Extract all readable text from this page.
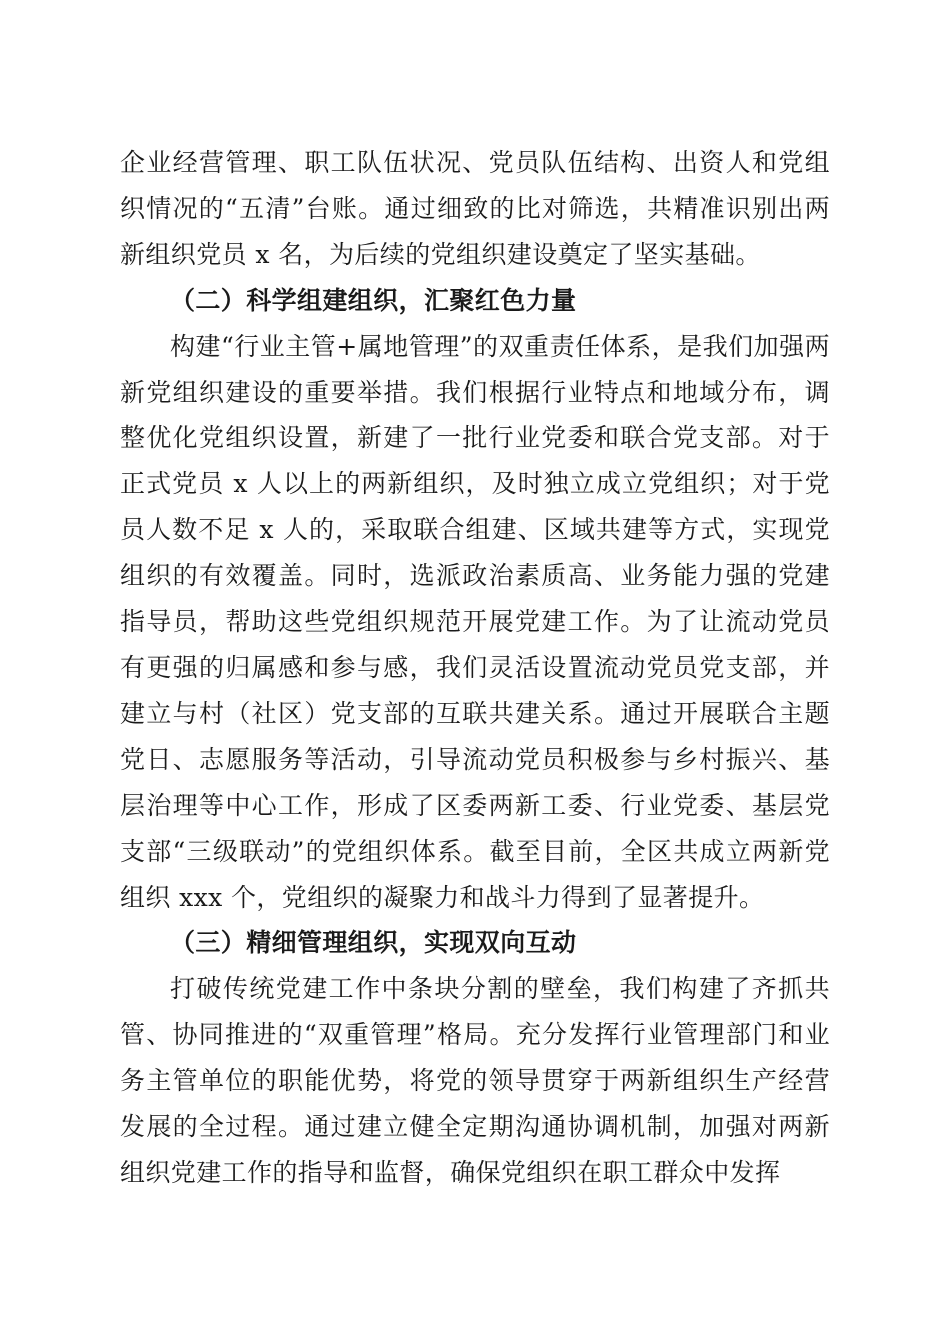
企业经营管理、职工队伍状况、党员队伍结构、出资人和党组织情况的“五清”台账。通过细致的比对筛选，共精准识别出两新组织党员 x 名，为后续的党组织建设奠定了坚实基础。

（二）科学组建组织，汇聚红色力量

构建“行业主管+属地管理”的双重责任体系，是我们加强两新党组织建设的重要举措。我们根据行业特点和地域分布，调整优化党组织设置，新建了一批行业党委和联合党支部。对于正式党员 x 人以上的两新组织，及时独立成立党组织；对于党员人数不足 x 人的，采取联合组建、区域共建等方式，实现党组织的有效覆盖。同时，选派政治素质高、业务能力强的党建指导员，帮助这些党组织规范开展党建工作。为了让流动党员有更强的归属感和参与感，我们灵活设置流动党员党支部，并建立与村（社区）党支部的互联共建关系。通过开展联合主题党日、志愿服务等活动，引导流动党员积极参与乡村振兴、基层治理等中心工作，形成了区委两新工委、行业党委、基层党支部“三级联动”的党组织体系。截至目前，全区共成立两新党组织 xxx 个，党组织的凝聚力和战斗力得到了显著提升。

（三）精细管理组织，实现双向互动

打破传统党建工作中条块分割的壁垒，我们构建了齐抓共管、协同推进的“双重管理”格局。充分发挥行业管理部门和业务主管单位的职能优势，将党的领导贯穿于两新组织生产经营发展的全过程。通过建立健全定期沟通协调机制，加强对两新组织党建工作的指导和监督，确保党组织在职工群众中发挥
